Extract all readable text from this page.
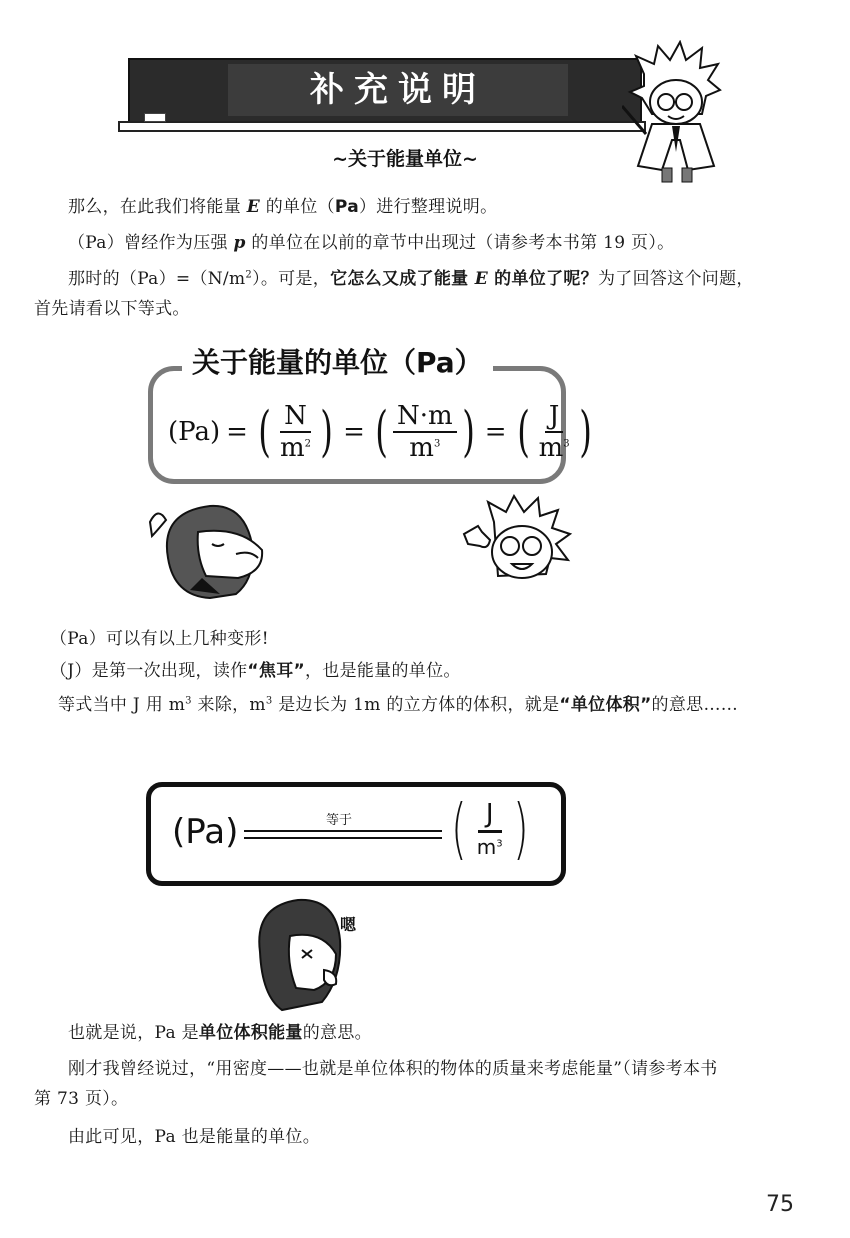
补充说明
~关于能量单位~
那么，在此我们将能量 E 的单位（Pa）进行整理说明。
（Pa）曾经作为压强 p 的单位在以前的章节中出现过（请参考本书第 19 页）。
那时的$(Pa)=(N/m^2)$。可是，它怎么又成了能量 E 的单位了呢？为了回答这个问题，
首先请看以下等式。
关于能量的单位（Pa）
(Pa) = ( $\frac{N}{m^2}$ ) = ( $\frac{N\cdot m}{m^3}$ ) = ( $\frac{J}{m^3}$ )
（Pa）可以有以上几种变形!
（J）是第一次出现，读作“焦耳”，也是能量的单位。
等式当中 J 用 $m^3$ 来除，$m^3$ 是边长为 1m 的立方体的体积，就是“单位体积”的意思……
(Pa)	等于 ( $\frac{J}{m^3}$ )
嗯
也就是说，Pa 是单位体积能量的意思。
刚才我曾经说过，“用密度——也就是单位体积的物体的质量来考虑能量”（请参考本书
第 73 页）。
由此可见，Pa 也是能量的单位。
75
